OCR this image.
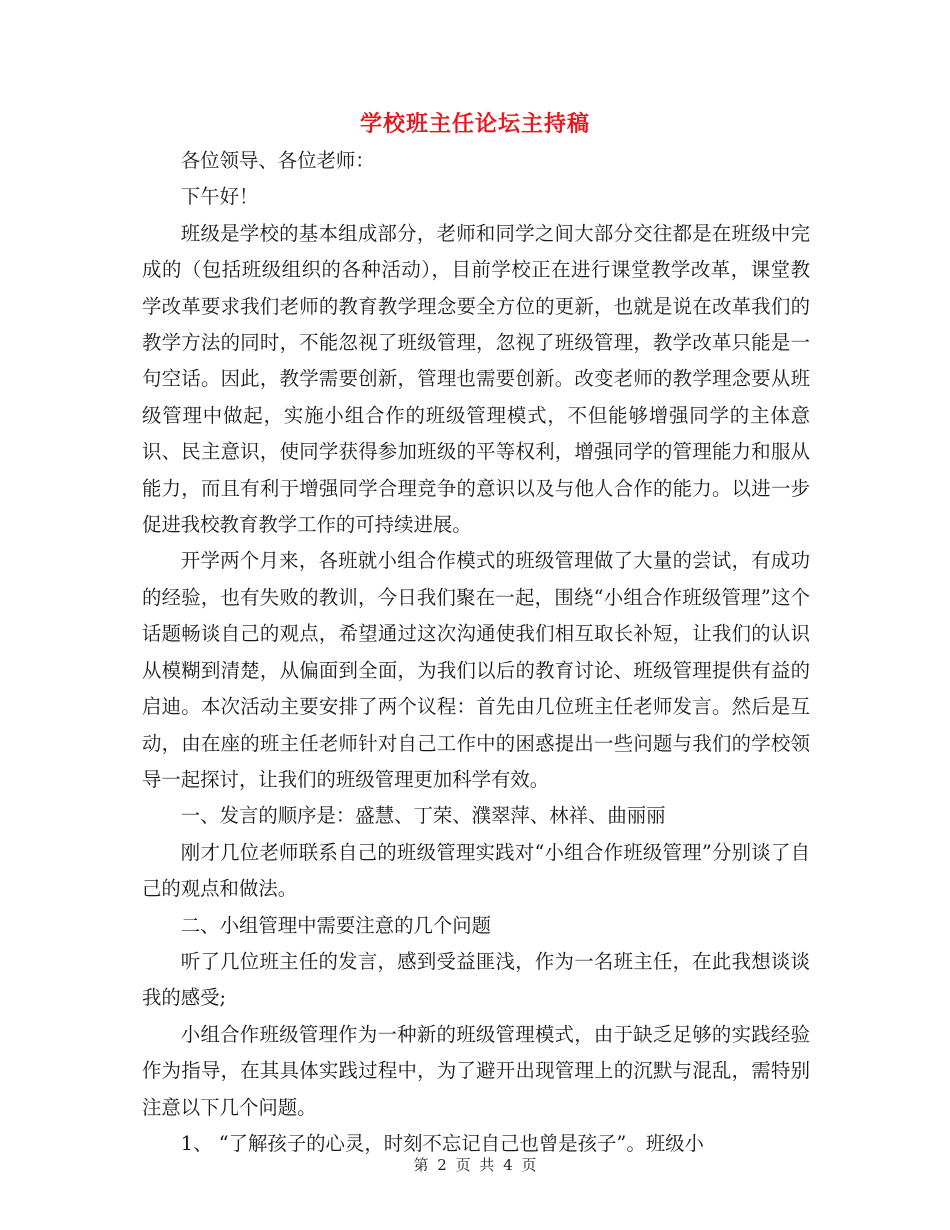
学校班主任论坛主持稿

各位领导、各位老师：

下午好！

班级是学校的基本组成部分，老师和同学之间大部分交往都是在班级中完成的（包括班级组织的各种活动），目前学校正在进行课堂教学改革，课堂教学改革要求我们老师的教育教学理念要全方位的更新，也就是说在改革我们的教学方法的同时，不能忽视了班级管理，忽视了班级管理，教学改革只能是一句空话。因此，教学需要创新，管理也需要创新。改变老师的教学理念要从班级管理中做起，实施小组合作的班级管理模式，不但能够增强同学的主体意识、民主意识，使同学获得参加班级的平等权利，增强同学的管理能力和服从能力，而且有利于增强同学合理竞争的意识以及与他人合作的能力。以进一步促进我校教育教学工作的可持续进展。

开学两个月来，各班就小组合作模式的班级管理做了大量的尝试，有成功的经验，也有失败的教训，今日我们聚在一起，围绕“小组合作班级管理”这个话题畅谈自己的观点，希望通过这次沟通使我们相互取长补短，让我们的认识从模糊到清楚，从偏面到全面，为我们以后的教育讨论、班级管理提供有益的启迪。本次活动主要安排了两个议程：首先由几位班主任老师发言。然后是互动，由在座的班主任老师针对自己工作中的困惑提出一些问题与我们的学校领导一起探讨，让我们的班级管理更加科学有效。

一、发言的顺序是：盛慧、丁荣、濮翠萍、林祥、曲丽丽

刚才几位老师联系自己的班级管理实践对“小组合作班级管理”分别谈了自己的观点和做法。

二、小组管理中需要注意的几个问题

听了几位班主任的发言，感到受益匪浅，作为一名班主任，在此我想谈谈我的感受;

小组合作班级管理作为一种新的班级管理模式，由于缺乏足够的实践经验作为指导，在其具体实践过程中，为了避开出现管理上的沉默与混乱，需特别注意以下几个问题。

1、 “了解孩子的心灵，时刻不忘记自己也曾是孩子”。班级小

第 2 页 共 4 页
